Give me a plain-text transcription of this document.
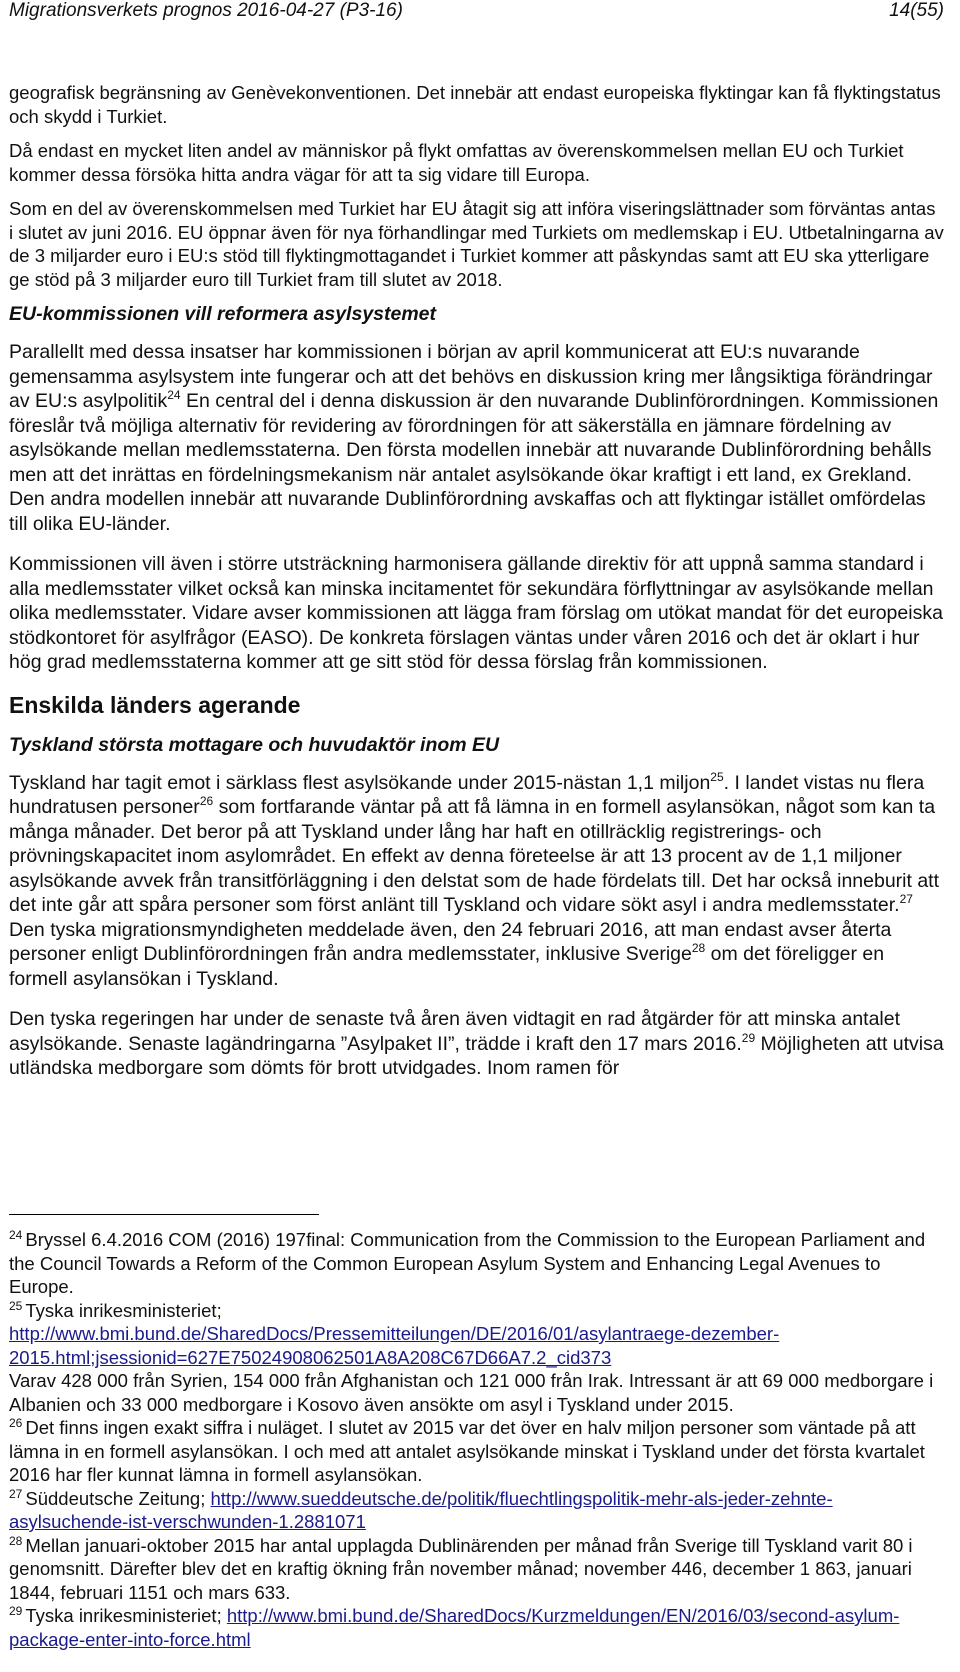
Migrationsverkets prognos 2016-04-27 (P3-16)	14(55)

geografisk begränsning av Genèvekonventionen. Det innebär att endast europeiska flyktingar kan få flyktingstatus och skydd i Turkiet.

Då endast en mycket liten andel av människor på flykt omfattas av överenskommelsen mellan EU och Turkiet kommer dessa försöka hitta andra vägar för att ta sig vidare till Europa.

Som en del av överenskommelsen med Turkiet har EU åtagit sig att införa viseringslättnader som förväntas antas i slutet av juni 2016. EU öppnar även för nya förhandlingar med Turkiets om medlemskap i EU. Utbetalningarna av de 3 miljarder euro i EU:s stöd till flyktingmottagandet i Turkiet kommer att påskyndas samt att EU ska ytterligare ge stöd på 3 miljarder euro till Turkiet fram till slutet av 2018.

EU-kommissionen vill reformera asylsystemet

Parallellt med dessa insatser har kommissionen i början av april kommunicerat att EU:s nuvarande gemensamma asylsystem inte fungerar och att det behövs en diskussion kring mer långsiktiga förändringar av EU:s asylpolitik$^{24}$ En central del i denna diskussion är den nuvarande Dublinförordningen. Kommissionen föreslår två möjliga alternativ för revidering av förordningen för att säkerställa en jämnare fördelning av asylsökande mellan medlemsstaterna. Den första modellen innebär att nuvarande Dublinförordning behålls men att det inrättas en fördelningsmekanism när antalet asylsökande ökar kraftigt i ett land, ex Grekland. Den andra modellen innebär att nuvarande Dublinförordning avskaffas och att flyktingar istället omfördelas till olika EU-länder.

Kommissionen vill även i större utsträckning harmonisera gällande direktiv för att uppnå samma standard i alla medlemsstater vilket också kan minska incitamentet för sekundära förflyttningar av asylsökande mellan olika medlemsstater. Vidare avser kommissionen att lägga fram förslag om utökat mandat för det europeiska stödkontoret för asylfrågor (EASO). De konkreta förslagen väntas under våren 2016 och det är oklart i hur hög grad medlemsstaterna kommer att ge sitt stöd för dessa förslag från kommissionen.

Enskilda länders agerande
Tyskland största mottagare och huvudaktör inom EU

Tyskland har tagit emot i särklass flest asylsökande under 2015-nästan 1,1 miljon$^{25}$. I landet vistas nu flera hundratusen personer$^{26}$ som fortfarande väntar på att få lämna in en formell asylansökan, något som kan ta många månader. Det beror på att Tyskland under lång har haft en otillräcklig registrerings- och prövningskapacitet inom asylområdet. En effekt av denna företeelse är att 13 procent av de 1,1 miljoner asylsökande avvek från transitförläggning i den delstat som de hade fördelats till. Det har också inneburit att det inte går att spåra personer som först anlänt till Tyskland och vidare sökt asyl i andra medlemsstater.$^{27}$ Den tyska migrationsmyndigheten meddelade även, den 24 februari 2016, att man endast avser återta personer enligt Dublinförordningen från andra medlemsstater, inklusive Sverige$^{28}$ om det föreligger en formell asylansökan i Tyskland.

Den tyska regeringen har under de senaste två åren även vidtagit en rad åtgärder för att minska antalet asylsökande. Senaste lagändringarna ”Asylpaket II”, trädde i kraft den 17 mars 2016.29 Möjligheten att utvisa utländska medborgare som dömts för brott utvidgades. Inom ramen för

$^{24}$ Bryssel 6.4.2016 COM (2016) 197final: Communication from the Commission to the European Parliament and the Council Towards a Reform of the Common European Asylum System and Enhancing Legal Avenues to Europe.

$^{25}$ Tyska inrikesministeriet;
http://www.bmi.bund.de/SharedDocs/Pressemitteilungen/DE/2016/01/asylantraege-dezember-2015.html;jsessionid=627E75024908062501A8A208C67D66A7.2_cid373

Varav 428 000 från Syrien, 154 000 från Afghanistan och 121 000 från Irak. Intressant är att 69 000 medborgare i Albanien och 33 000 medborgare i Kosovo även ansökte om asyl i Tyskland under 2015.

$^{26}$ Det finns ingen exakt siffra i nuläget. I slutet av 2015 var det över en halv miljon personer som väntade på att lämna in en formell asylansökan. I och med att antalet asylsökande minskat i Tyskland under det första kvartalet 2016 har fler kunnat lämna in formell asylansökan.

$^{27}$ Süddeutsche Zeitung; http://www.sueddeutsche.de/politik/fluechtlingspolitik-mehr-als-jeder-zehnte-asylsuchende-ist-verschwunden-1.2881071

$^{28}$ Mellan januari-oktober 2015 har antal upplagda Dublinärenden per månad från Sverige till Tyskland varit 80 i genomsnitt. Därefter blev det en kraftig ökning från november månad; november 446, december 1 863, januari 1844, februari 1151 och mars 633.

$^{29}$ Tyska inrikesministeriet; http://www.bmi.bund.de/SharedDocs/Kurzmeldungen/EN/2016/03/second-asylum-package-enter-into-force.html
